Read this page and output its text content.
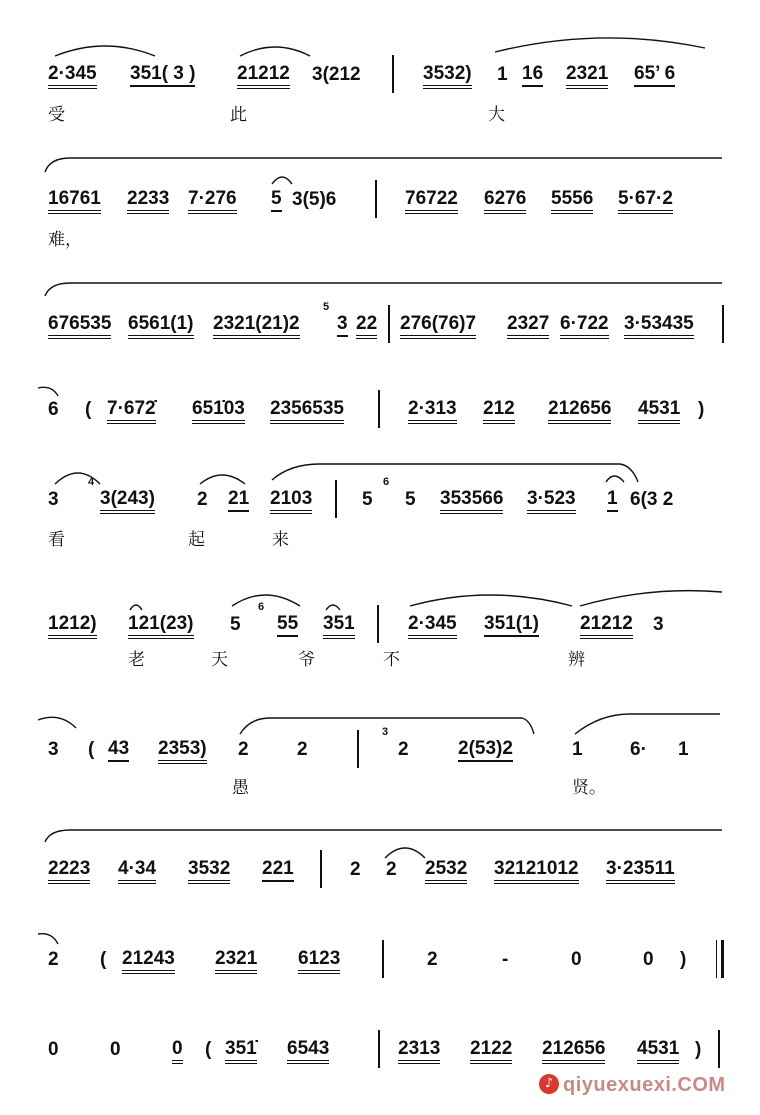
2·345 351( 3 ) 21212 3(212	3532) 1 16 2321 65’ 6
受	此	大
16761 2233 7·276 5 3(5)6	76722 6276 5556 5·67·2
难，
676535 6561(1) 2321(21)2
5
3 22 276(76)7 2327 6·722 3·53435
6 ( 7·672̇ 651̇03 2356535	2·313 212 212656 4531 )
3
4
3(243) 2 21 2103	5
6
5 353566 3·523 1 6(3 2
看	起	来
1212) 121(23) 5
6
55 351	2·345 351(1) 21212 3
老	天	爷	不	辨
3 ( 43 2353) 2	2
3
2	2(53)2	1 6· 1
愚	贤。
2223 4·34 3532 221	2 2 2532 32121012 3·23511
2 ( 21243 2321 6123	2	-	0	0 )
0	0	0 ( 351̇ 6543	2313 2122 212656 4531 )
♪ qiyuexuexi.COM
